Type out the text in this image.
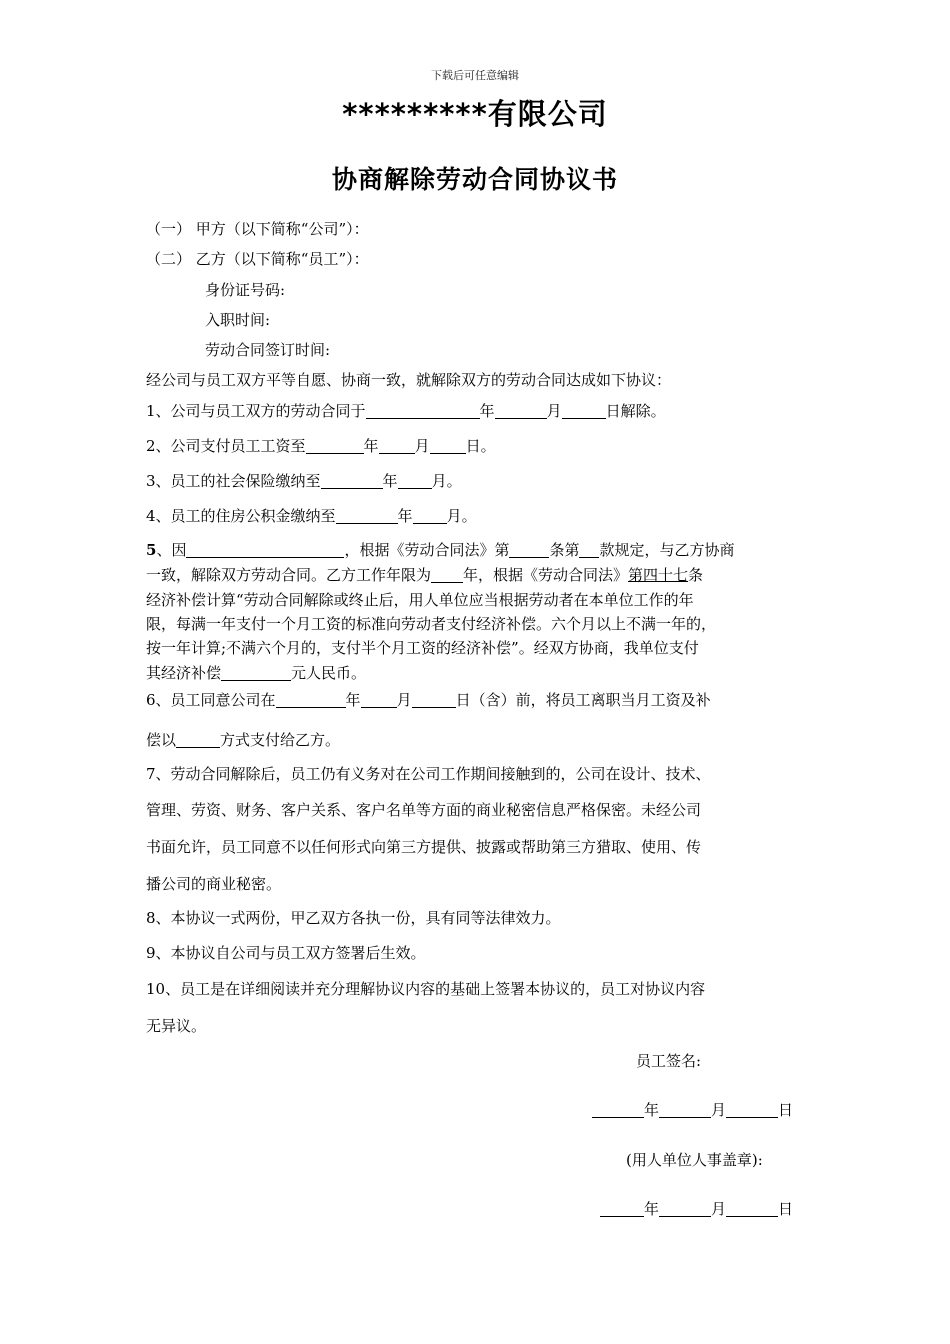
下载后可任意编辑
*********有限公司
协商解除劳动合同协议书
（一） 甲方（以下简称“公司”）：
（二） 乙方（以下简称“员工”）：
身份证号码:
入职时间:
劳动合同签订时间:
经公司与员工双方平等自愿、协商一致，就解除双方的劳动合同达成如下协议：
1、公司与员工双方的劳动合同于	年	月	日解除。
2、公司支付员工工资至	年 月 日。
3、员工的社会保险缴纳至	年 月。
4、员工的住房公积金缴纳至	年 月。
5、因	，根据《劳动合同法》第	条第 款规定，与乙方协商
一致，解除双方劳动合同。乙方工作年限为 年，根据《劳动合同法》第四十七条
经济补偿计算“劳动合同解除或终止后，用人单位应当根据劳动者在本单位工作的年
限，每满一年支付一个月工资的标准向劳动者支付经济补偿。六个月以上不满一年的，
按一年计算;不满六个月的，支付半个月工资的经济补偿”。经双方协商，我单位支付
其经济补偿	元人民币。
6、员工同意公司在	年 月	日（含）前，将员工离职当月工资及补
偿以	方式支付给乙方。
7、劳动合同解除后，员工仍有义务对在公司工作期间接触到的，公司在设计、技术、
管理、劳资、财务、客户关系、客户名单等方面的商业秘密信息严格保密。未经公司
书面允许，员工同意不以任何形式向第三方提供、披露或帮助第三方猎取、使用、传
播公司的商业秘密。
8、本协议一式两份，甲乙双方各执一份，具有同等法律效力。
9、本协议自公司与员工双方签署后生效。
10、员工是在详细阅读并充分理解协议内容的基础上签署本协议的，员工对协议内容
无异议。
员工签名:
年	月	日
(用人单位人事盖章):
年	月	日
